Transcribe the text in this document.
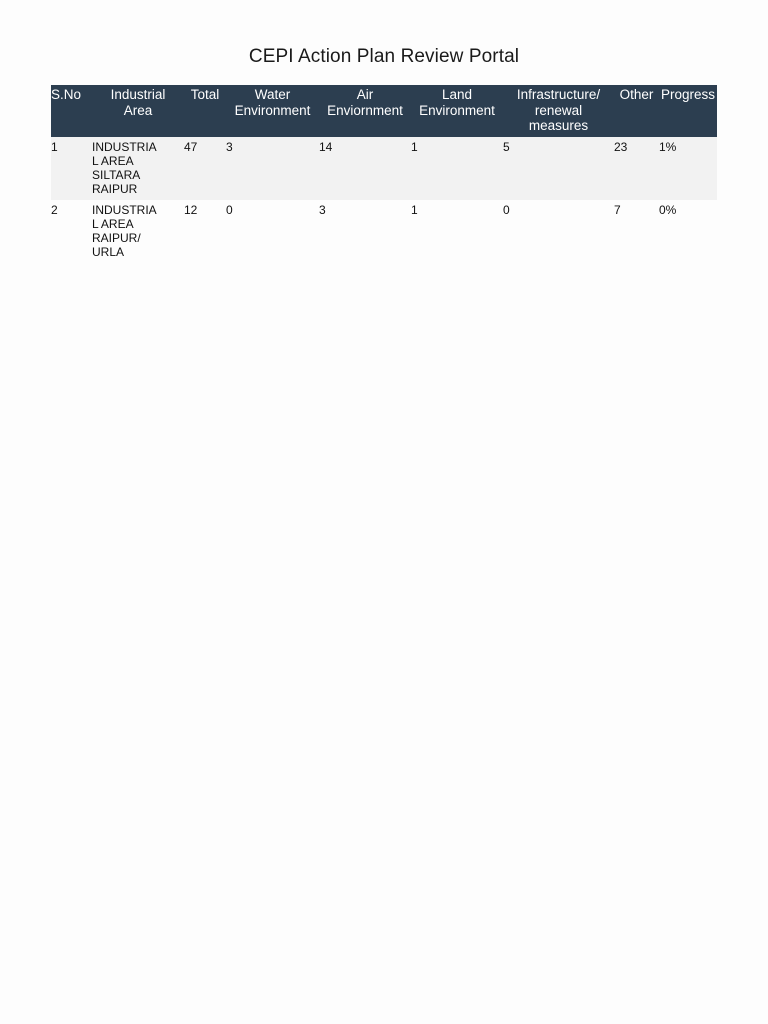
CEPI Action Plan Review Portal
S.No	Industrial Area	Total	Water Environment	Air Enviornment	Land Environment	Infrastructure/ renewal measures	Other	Progress
1	INDUSTRIAL AREA SILTARA RAIPUR	47	3	14	1	5	23	1%
2	INDUSTRIAL AREA RAIPUR/ URLA	12	0	3	1	0	7	0%
